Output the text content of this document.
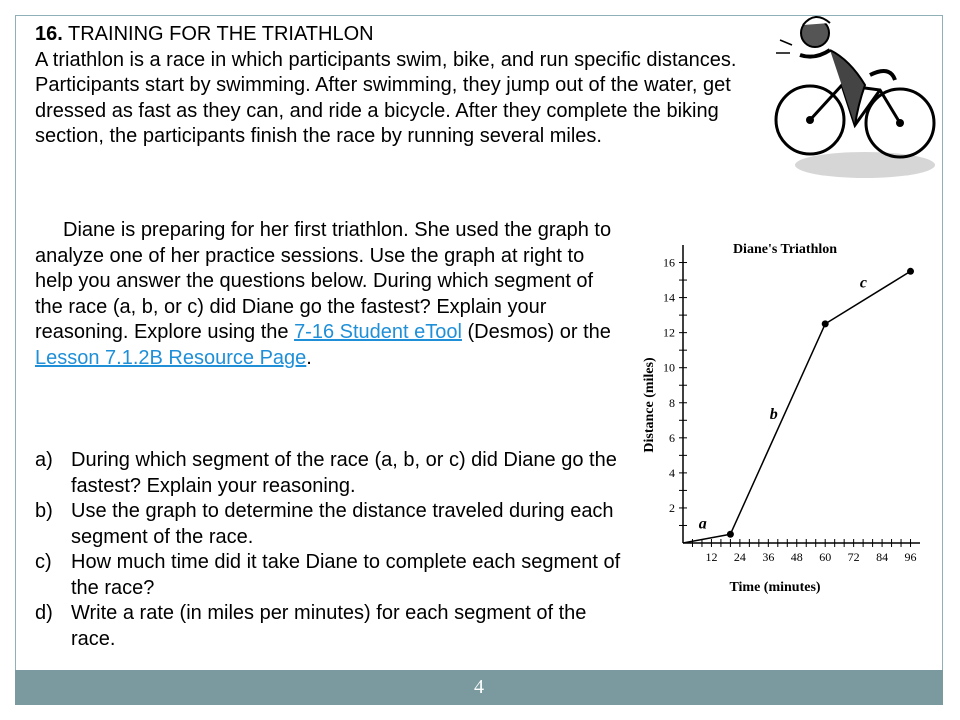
16. TRAINING FOR THE TRIATHLON
A triathlon is a race in which participants swim, bike, and run specific distances. Participants start by swimming. After swimming, they jump out of the water, get dressed as fast as they can, and ride a bicycle. After they complete the biking section, the participants finish the race by running several miles.
Diane is preparing for her first triathlon. She used the graph to analyze one of her practice sessions. Use the graph at right to help you answer the questions below. During which segment of the race (a, b, or c) did Diane go the fastest? Explain your reasoning. Explore using the 7-16 Student eTool (Desmos) or the Lesson 7.1.2B Resource Page.
a) During which segment of the race (a, b, or c) did Diane go the fastest? Explain your reasoning.
b) Use the graph to determine the distance traveled during each segment of the race.
c) How much time did it take Diane to complete each segment of the race?
d) Write a rate (in miles per minutes) for each segment of the race.
Diane's Triathlon
Time (minutes)
Distance (miles)
12 24 36 48 60 72 84 96
2
4
6
8
10
12
14
16
a
b
c
4
